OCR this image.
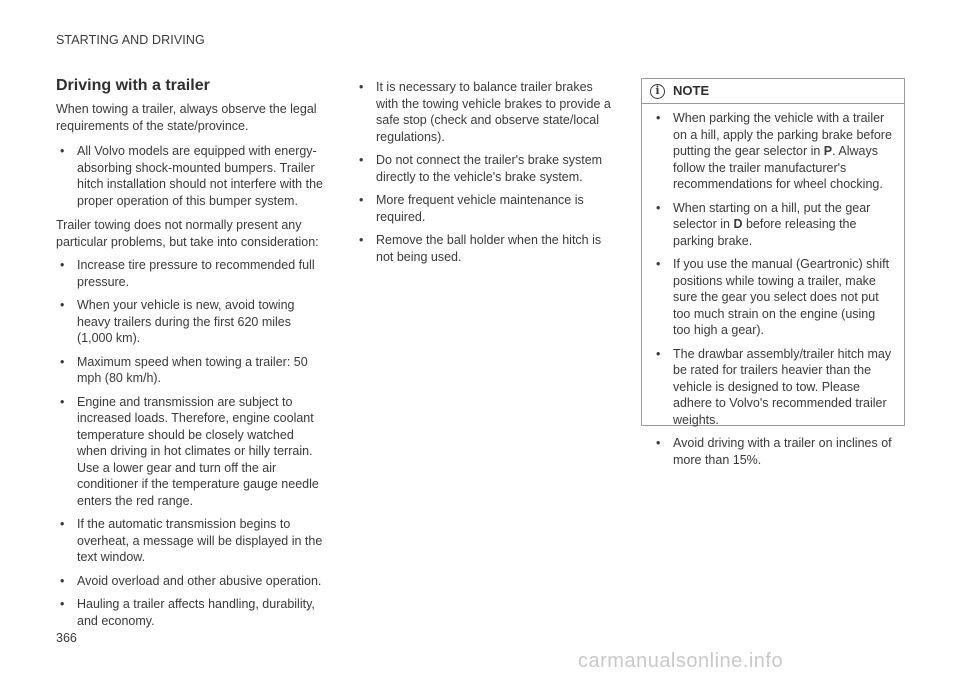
STARTING AND DRIVING
Driving with a trailer

When towing a trailer, always observe the legal requirements of the state/province.

• All Volvo models are equipped with energy-absorbing shock-mounted bumpers. Trailer hitch installation should not interfere with the proper operation of this bumper system.

Trailer towing does not normally present any particular problems, but take into consideration:

• Increase tire pressure to recommended full pressure.
• When your vehicle is new, avoid towing heavy trailers during the first 620 miles (1,000 km).
• Maximum speed when towing a trailer: 50 mph (80 km/h).
• Engine and transmission are subject to increased loads. Therefore, engine coolant temperature should be closely watched when driving in hot climates or hilly terrain. Use a lower gear and turn off the air conditioner if the temperature gauge needle enters the red range.
• If the automatic transmission begins to overheat, a message will be displayed in the text window.
• Avoid overload and other abusive operation.
• Hauling a trailer affects handling, durability, and economy.
• It is necessary to balance trailer brakes with the towing vehicle brakes to provide a safe stop (check and observe state/local regulations).
• Do not connect the trailer's brake system directly to the vehicle's brake system.
• More frequent vehicle maintenance is required.
• Remove the ball holder when the hitch is not being used.
i	NOTE
• When parking the vehicle with a trailer on a hill, apply the parking brake before putting the gear selector in P. Always follow the trailer manufacturer's recommendations for wheel chocking.
• When starting on a hill, put the gear selector in D before releasing the parking brake.
• If you use the manual (Geartronic) shift positions while towing a trailer, make sure the gear you select does not put too much strain on the engine (using too high a gear).
• The drawbar assembly/trailer hitch may be rated for trailers heavier than the vehicle is designed to tow. Please adhere to Volvo's recommended trailer weights.
• Avoid driving with a trailer on inclines of more than 15%.
366
carmanualsonline.info
